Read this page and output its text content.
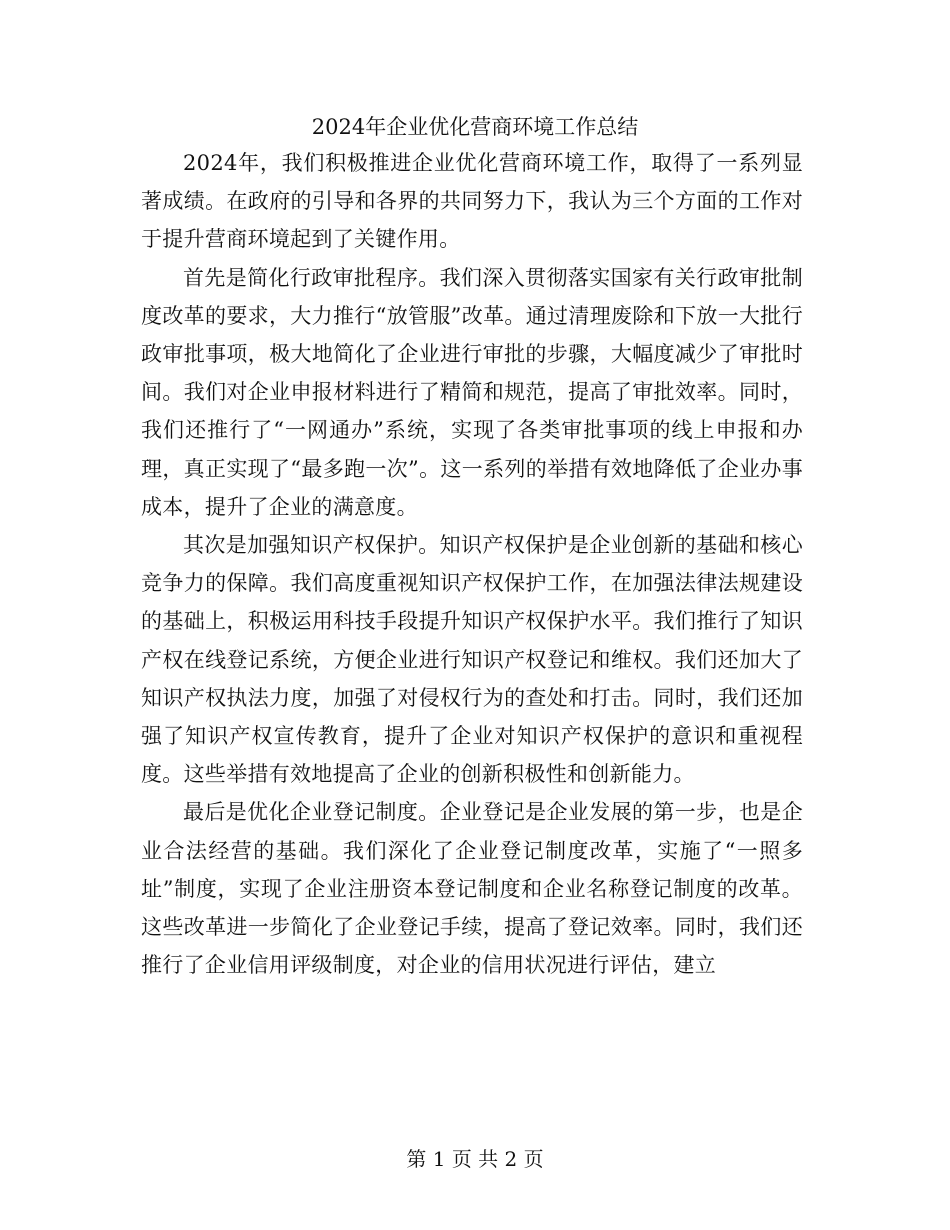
2024年企业优化营商环境工作总结

2024年，我们积极推进企业优化营商环境工作，取得了一系列显著成绩。在政府的引导和各界的共同努力下，我认为三个方面的工作对于提升营商环境起到了关键作用。

首先是简化行政审批程序。我们深入贯彻落实国家有关行政审批制度改革的要求，大力推行“放管服”改革。通过清理废除和下放一大批行政审批事项，极大地简化了企业进行审批的步骤，大幅度减少了审批时间。我们对企业申报材料进行了精简和规范，提高了审批效率。同时，我们还推行了“一网通办”系统，实现了各类审批事项的线上申报和办理，真正实现了“最多跑一次”。这一系列的举措有效地降低了企业办事成本，提升了企业的满意度。

其次是加强知识产权保护。知识产权保护是企业创新的基础和核心竞争力的保障。我们高度重视知识产权保护工作，在加强法律法规建设的基础上，积极运用科技手段提升知识产权保护水平。我们推行了知识产权在线登记系统，方便企业进行知识产权登记和维权。我们还加大了知识产权执法力度，加强了对侵权行为的查处和打击。同时，我们还加强了知识产权宣传教育，提升了企业对知识产权保护的意识和重视程度。这些举措有效地提高了企业的创新积极性和创新能力。

最后是优化企业登记制度。企业登记是企业发展的第一步，也是企业合法经营的基础。我们深化了企业登记制度改革，实施了“一照多址”制度，实现了企业注册资本登记制度和企业名称登记制度的改革。这些改革进一步简化了企业登记手续，提高了登记效率。同时，我们还推行了企业信用评级制度，对企业的信用状况进行评估，建立

第 1 页 共 2 页
